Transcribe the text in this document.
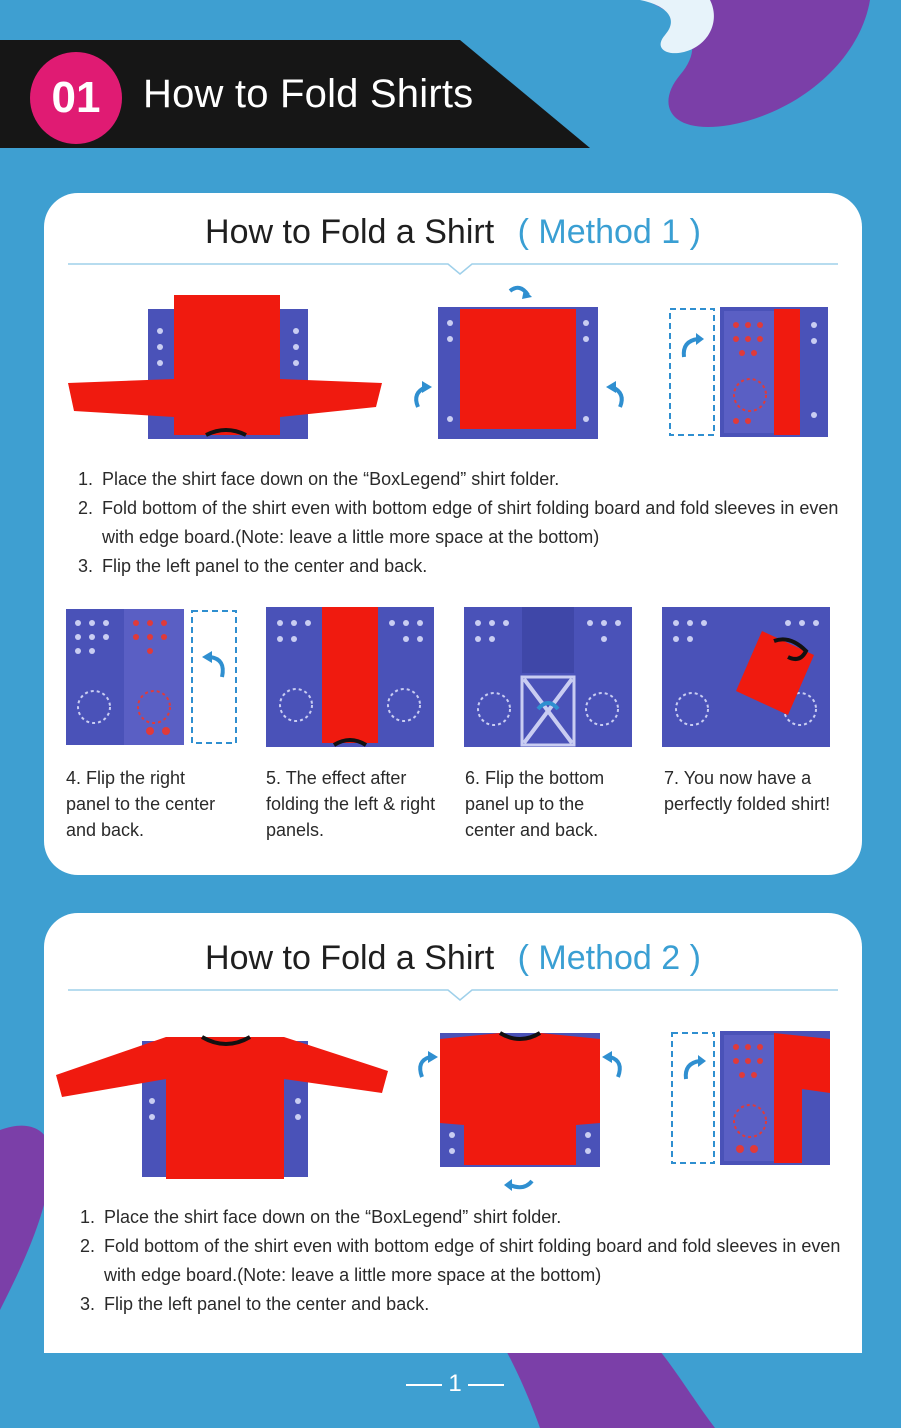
01	How to Fold Shirts
How to Fold a Shirt ( Method 1 )
1. Place the shirt face down on the “BoxLegend” shirt folder.
2. Fold bottom of the shirt even with bottom edge of shirt folding board and fold sleeves in even with edge board.(Note: leave a little more space at the bottom)
3. Flip the left panel to the center and back.
4. Flip the right panel to the center and back.
5. The effect after folding the left & right panels.
6. Flip the bottom panel up to the center and back.
7. You now have a perfectly folded shirt!
How to Fold a Shirt ( Method 2 )
1. Place the shirt face down on the “BoxLegend” shirt folder.
2. Fold bottom of the shirt even with bottom edge of shirt folding board and fold sleeves in even with edge board.(Note: leave a little more space at the bottom)
3. Flip the left panel to the center and back.
1
